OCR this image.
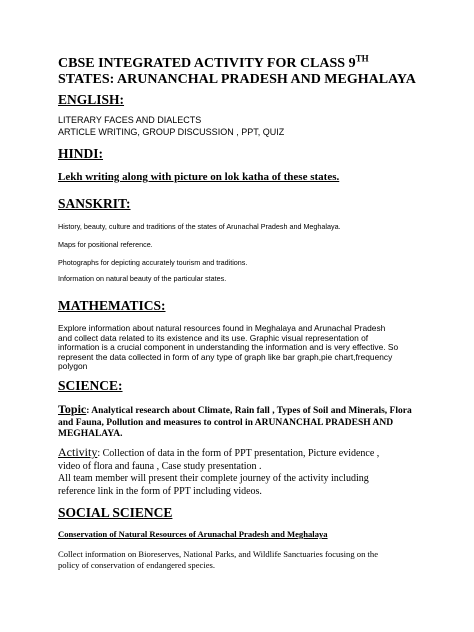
CBSE INTEGRATED ACTIVITY FOR CLASS 9TH
STATES: ARUNANCHAL PRADESH AND MEGHALAYA
ENGLISH:
LITERARY FACES AND DIALECTS
ARTICLE WRITING, GROUP DISCUSSION , PPT, QUIZ
HINDI:
Lekh writing along with picture on lok katha of these states.
SANSKRIT:
History, beauty, culture and traditions of the states of Arunachal Pradesh and Meghalaya.
Maps for positional reference.
Photographs for depicting accurately tourism and traditions.
Information on natural beauty of the particular states.
MATHEMATICS:
Explore information about natural resources found in Meghalaya and Arunachal Pradesh
and collect data related to its existence and its use. Graphic visual representation of
information is a crucial component in understanding the information and is very effective. So
represent the data collected in form of any type of graph like bar graph,pie chart,frequency
polygon
SCIENCE:
Topic: Analytical research about Climate, Rain fall , Types of Soil and Minerals, Flora
and Fauna, Pollution and measures to control in ARUNANCHAL PRADESH AND
MEGHALAYA.
Activity: Collection of data in the form of PPT presentation, Picture evidence ,
video of flora and fauna , Case study presentation .
All team member will present their complete journey of the activity including
reference link in the form of PPT including videos.
SOCIAL SCIENCE
Conservation of Natural Resources of Arunachal Pradesh and Meghalaya
Collect information on Bioreserves, National Parks, and Wildlife Sanctuaries focusing on the
policy of conservation of endangered species.
